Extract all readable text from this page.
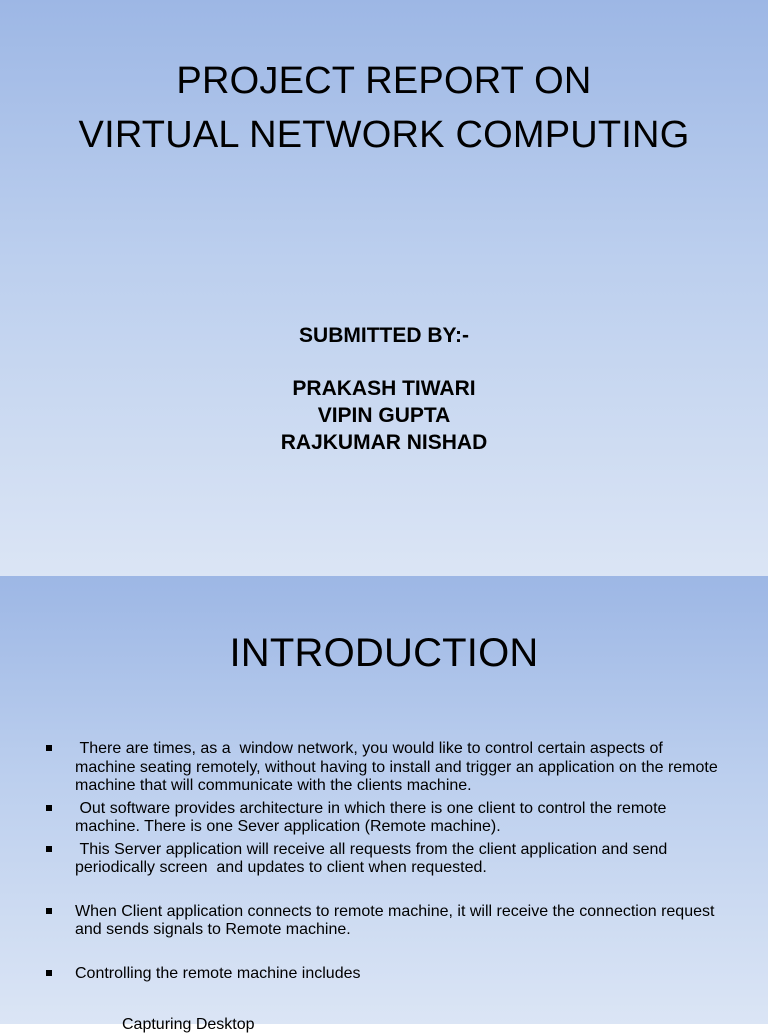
PROJECT REPORT ON
VIRTUAL NETWORK COMPUTING
SUBMITTED BY:-
PRAKASH TIWARI
VIPIN GUPTA
RAJKUMAR NISHAD
INTRODUCTION
There are times, as a  window network, you would like to control certain aspects of machine seating remotely, without having to install and trigger an application on the remote machine that will communicate with the clients machine.
Out software provides architecture in which there is one client to control the remote machine. There is one Sever application (Remote machine).
This Server application will receive all requests from the client application and send periodically screen  and updates to client when requested.
When Client application connects to remote machine, it will receive the connection request and sends signals to Remote machine.
Controlling the remote machine includes
Capturing Desktop
